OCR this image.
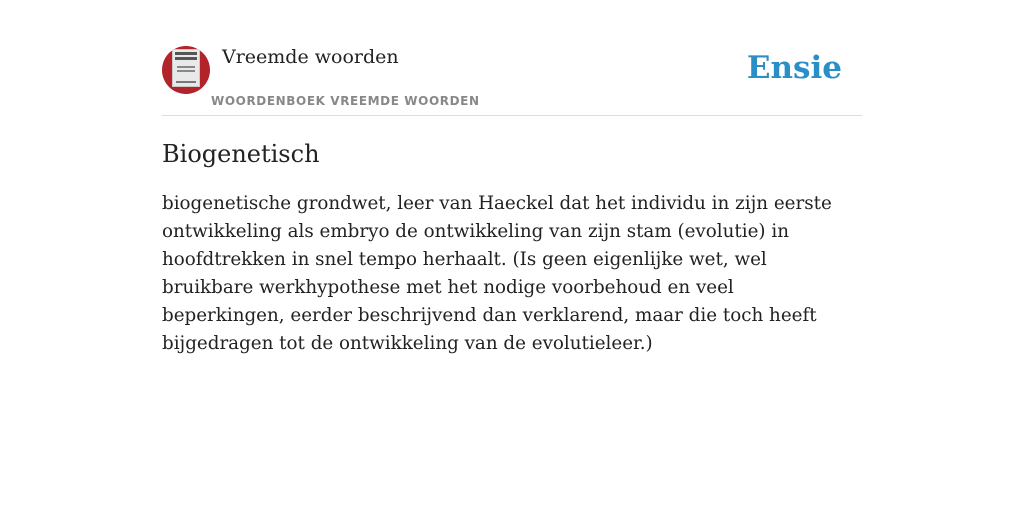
Vreemde woorden
WOORDENBOEK VREEMDE WOORDEN
Ensie
Biogenetisch

biogenetische grondwet, leer van Haeckel dat het individu in zijn eerste ontwikkeling als embryo de ontwikkeling van zijn stam (evolutie) in hoofdtrekken in snel tempo herhaalt. (Is geen eigenlijke wet, wel bruikbare werkhypothese met het nodige voorbehoud en veel beperkingen, eerder beschrijvend dan verklarend, maar die toch heeft bijgedragen tot de ontwikkeling van de evolutieleer.)
